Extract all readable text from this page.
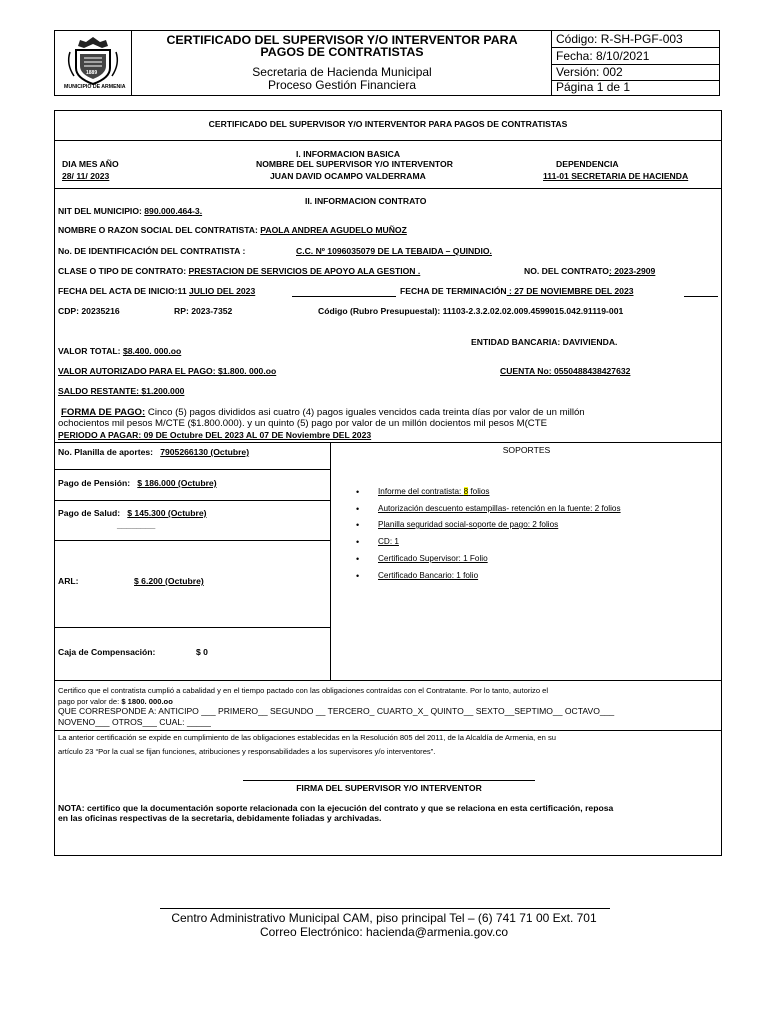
1889
MUNICIPIO DE ARMENIA
CERTIFICADO DEL SUPERVISOR Y/O INTERVENTOR PARA
PAGOS DE CONTRATISTAS
Secretaria de Hacienda Municipal
Proceso Gestión Financiera
Código: R-SH-PGF-003
Fecha: 8/10/2021
Versión: 002
Página 1 de 1
CERTIFICADO DEL SUPERVISOR Y/O INTERVENTOR PARA PAGOS DE CONTRATISTAS
I. INFORMACION BASICA
DIA MES AÑO
28/ 11/ 2023
NOMBRE DEL SUPERVISOR Y/O INTERVENTOR
JUAN DAVID OCAMPO VALDERRAMA
DEPENDENCIA
111-01 SECRETARIA DE HACIENDA
II. INFORMACION CONTRATO
NIT DEL MUNICIPIO: 890.000.464-3.
NOMBRE O RAZON SOCIAL DEL CONTRATISTA: PAOLA ANDREA AGUDELO MUÑOZ
No. DE IDENTIFICACIÓN DEL CONTRATISTA :	C.C. Nº 1096035079 DE LA TEBAIDA – QUINDIO.
CLASE O TIPO DE CONTRATO: PRESTACION DE SERVICIOS DE APOYO ALA GESTION .	NO. DEL CONTRATO: 2023-2909
FECHA DEL ACTA DE INICIO:11 JULIO DEL 2023	FECHA DE TERMINACIÓN : 27 DE NOVIEMBRE DEL 2023
CDP: 20235216	RP: 2023-7352	Código (Rubro Presupuestal): 11103-2.3.2.02.02.009.4599015.042.91119-001
ENTIDAD BANCARIA: DAVIVIENDA.
VALOR TOTAL: $8.400. 000.oo
VALOR AUTORIZADO PARA EL PAGO: $1.800. 000.oo	CUENTA No: 0550488438427632
SALDO RESTANTE: $1.200.000
FORMA DE PAGO: Cinco (5) pagos divididos asi cuatro (4) pagos iguales vencidos cada treinta días por valor de un millón
ochocientos mil pesos M/CTE ($1.800.000). y un quinto (5) pago por valor de un millón docientos mil pesos M(CTE
PERIODO A PAGAR: 09 DE Octubre DEL 2023 AL 07 DE Noviembre DEL 2023
No. Planilla de aportes: 7905266130 (Octubre)
Pago de Pensión: $ 186.000 (Octubre)
Pago de Salud: $ 145.300 (Octubre)
________
ARL:	$ 6.200 (Octubre)
Caja de Compensación:	$ 0
SOPORTES
• Informe del contratista: 8 folios
• Autorización descuento estampillas- retención en la fuente: 2 folios
• Planilla seguridad social-soporte de pago: 2 folios
• CD: 1
• Certificado Supervisor: 1 Folio
• Certificado Bancario: 1 folio
Certifico que el contratista cumplió a cabalidad y en el tiempo pactado con las obligaciones contraídas con el Contratante. Por lo tanto, autorizo el
pago por valor de: $ 1800. 000.oo
QUE CORRESPONDE A: ANTICIPO ___ PRIMERO__ SEGUNDO __ TERCERO_ CUARTO_X_ QUINTO__ SEXTO__SEPTIMO__ OCTAVO___
NOVENO___ OTROS___ CUAL: _____
La anterior certificación se expide en cumplimiento de las obligaciones establecidas en la Resolución 805 del 2011, de la Alcaldía de Armenia, en su
artículo 23 “Por la cual se fijan funciones, atribuciones y responsabilidades a los supervisores y/o interventores”.
FIRMA DEL SUPERVISOR Y/O INTERVENTOR
NOTA: certifico que la documentación soporte relacionada con la ejecución del contrato y que se relaciona en esta certificación, reposa
en las oficinas respectivas de la secretaria, debidamente foliadas y archivadas.
Centro Administrativo Municipal CAM, piso principal Tel – (6) 741 71 00 Ext. 701
Correo Electrónico: hacienda@armenia.gov.co
